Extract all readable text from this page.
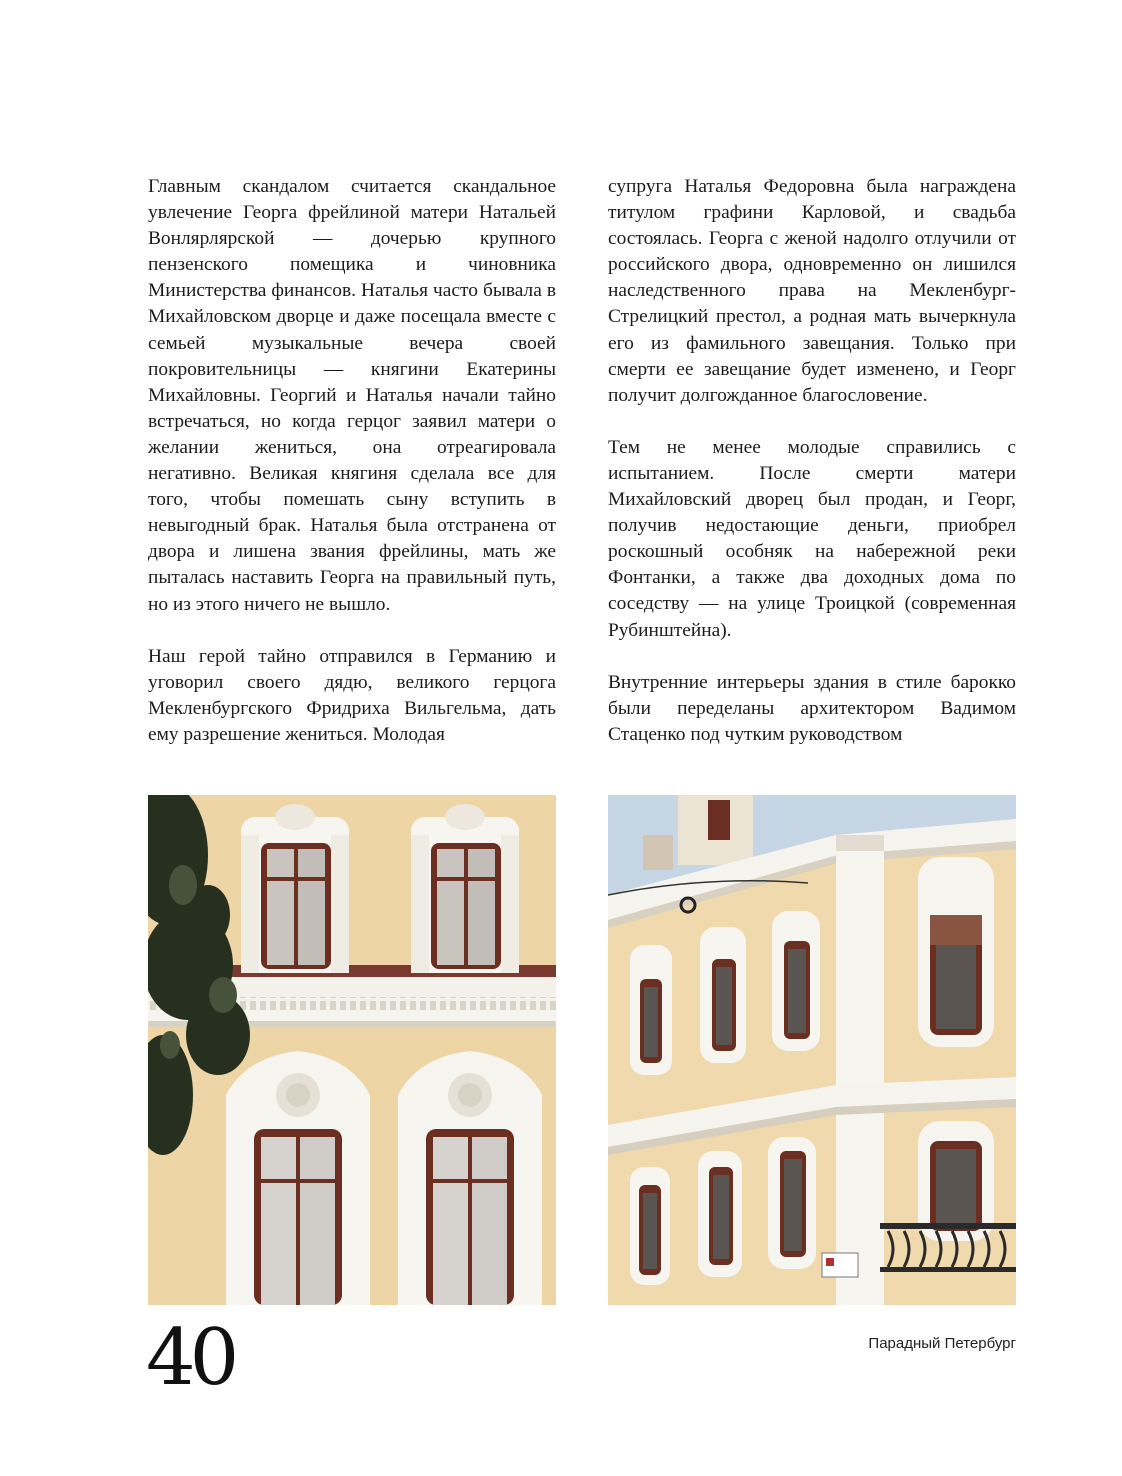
Главным скандалом считается скандальное увлечение Георга фрейлиной матери Натальей Вонлярлярской — дочерью крупного пензенского помещика и чиновника Министерства финансов. Наталья часто бывала в Михайловском дворце и даже посещала вместе с семьей музыкальные вечера своей покровительницы — княгини Екатерины Михайловны. Георгий и Наталья начали тайно встречаться, но когда герцог заявил матери о желании жениться, она отреагировала негативно. Великая княгиня сделала все для того, чтобы помешать сыну вступить в невыгодный брак. Наталья была отстранена от двора и лишена звания фрейлины, мать же пыталась наставить Георга на правильный путь, но из этого ничего не вышло.

Наш герой тайно отправился в Германию и уговорил своего дядю, великого герцога Мекленбургского Фридриха Вильгельма, дать ему разрешение жениться. Молодая

супруга Наталья Федоровна была награждена титулом графини Карловой, и свадьба состоялась. Георга с женой надолго отлучили от российского двора, одновременно он лишился наследственного права на Мекленбург-Стрелицкий престол, а родная мать вычеркнула его из фамильного завещания. Только при смерти ее завещание будет изменено, и Георг получит долгожданное благословение.

Тем не менее молодые справились с испытанием. После смерти матери Михайловский дворец был продан, и Георг, получив недостающие деньги, приобрел роскошный особняк на набережной реки Фонтанки, а также два доходных дома по соседству — на улице Троицкой (современная Рубинштейна).

Внутренние интерьеры здания в стиле барокко были переделаны архитектором Вадимом Стаценко под чутким руководством

40	Парадный Петербург
